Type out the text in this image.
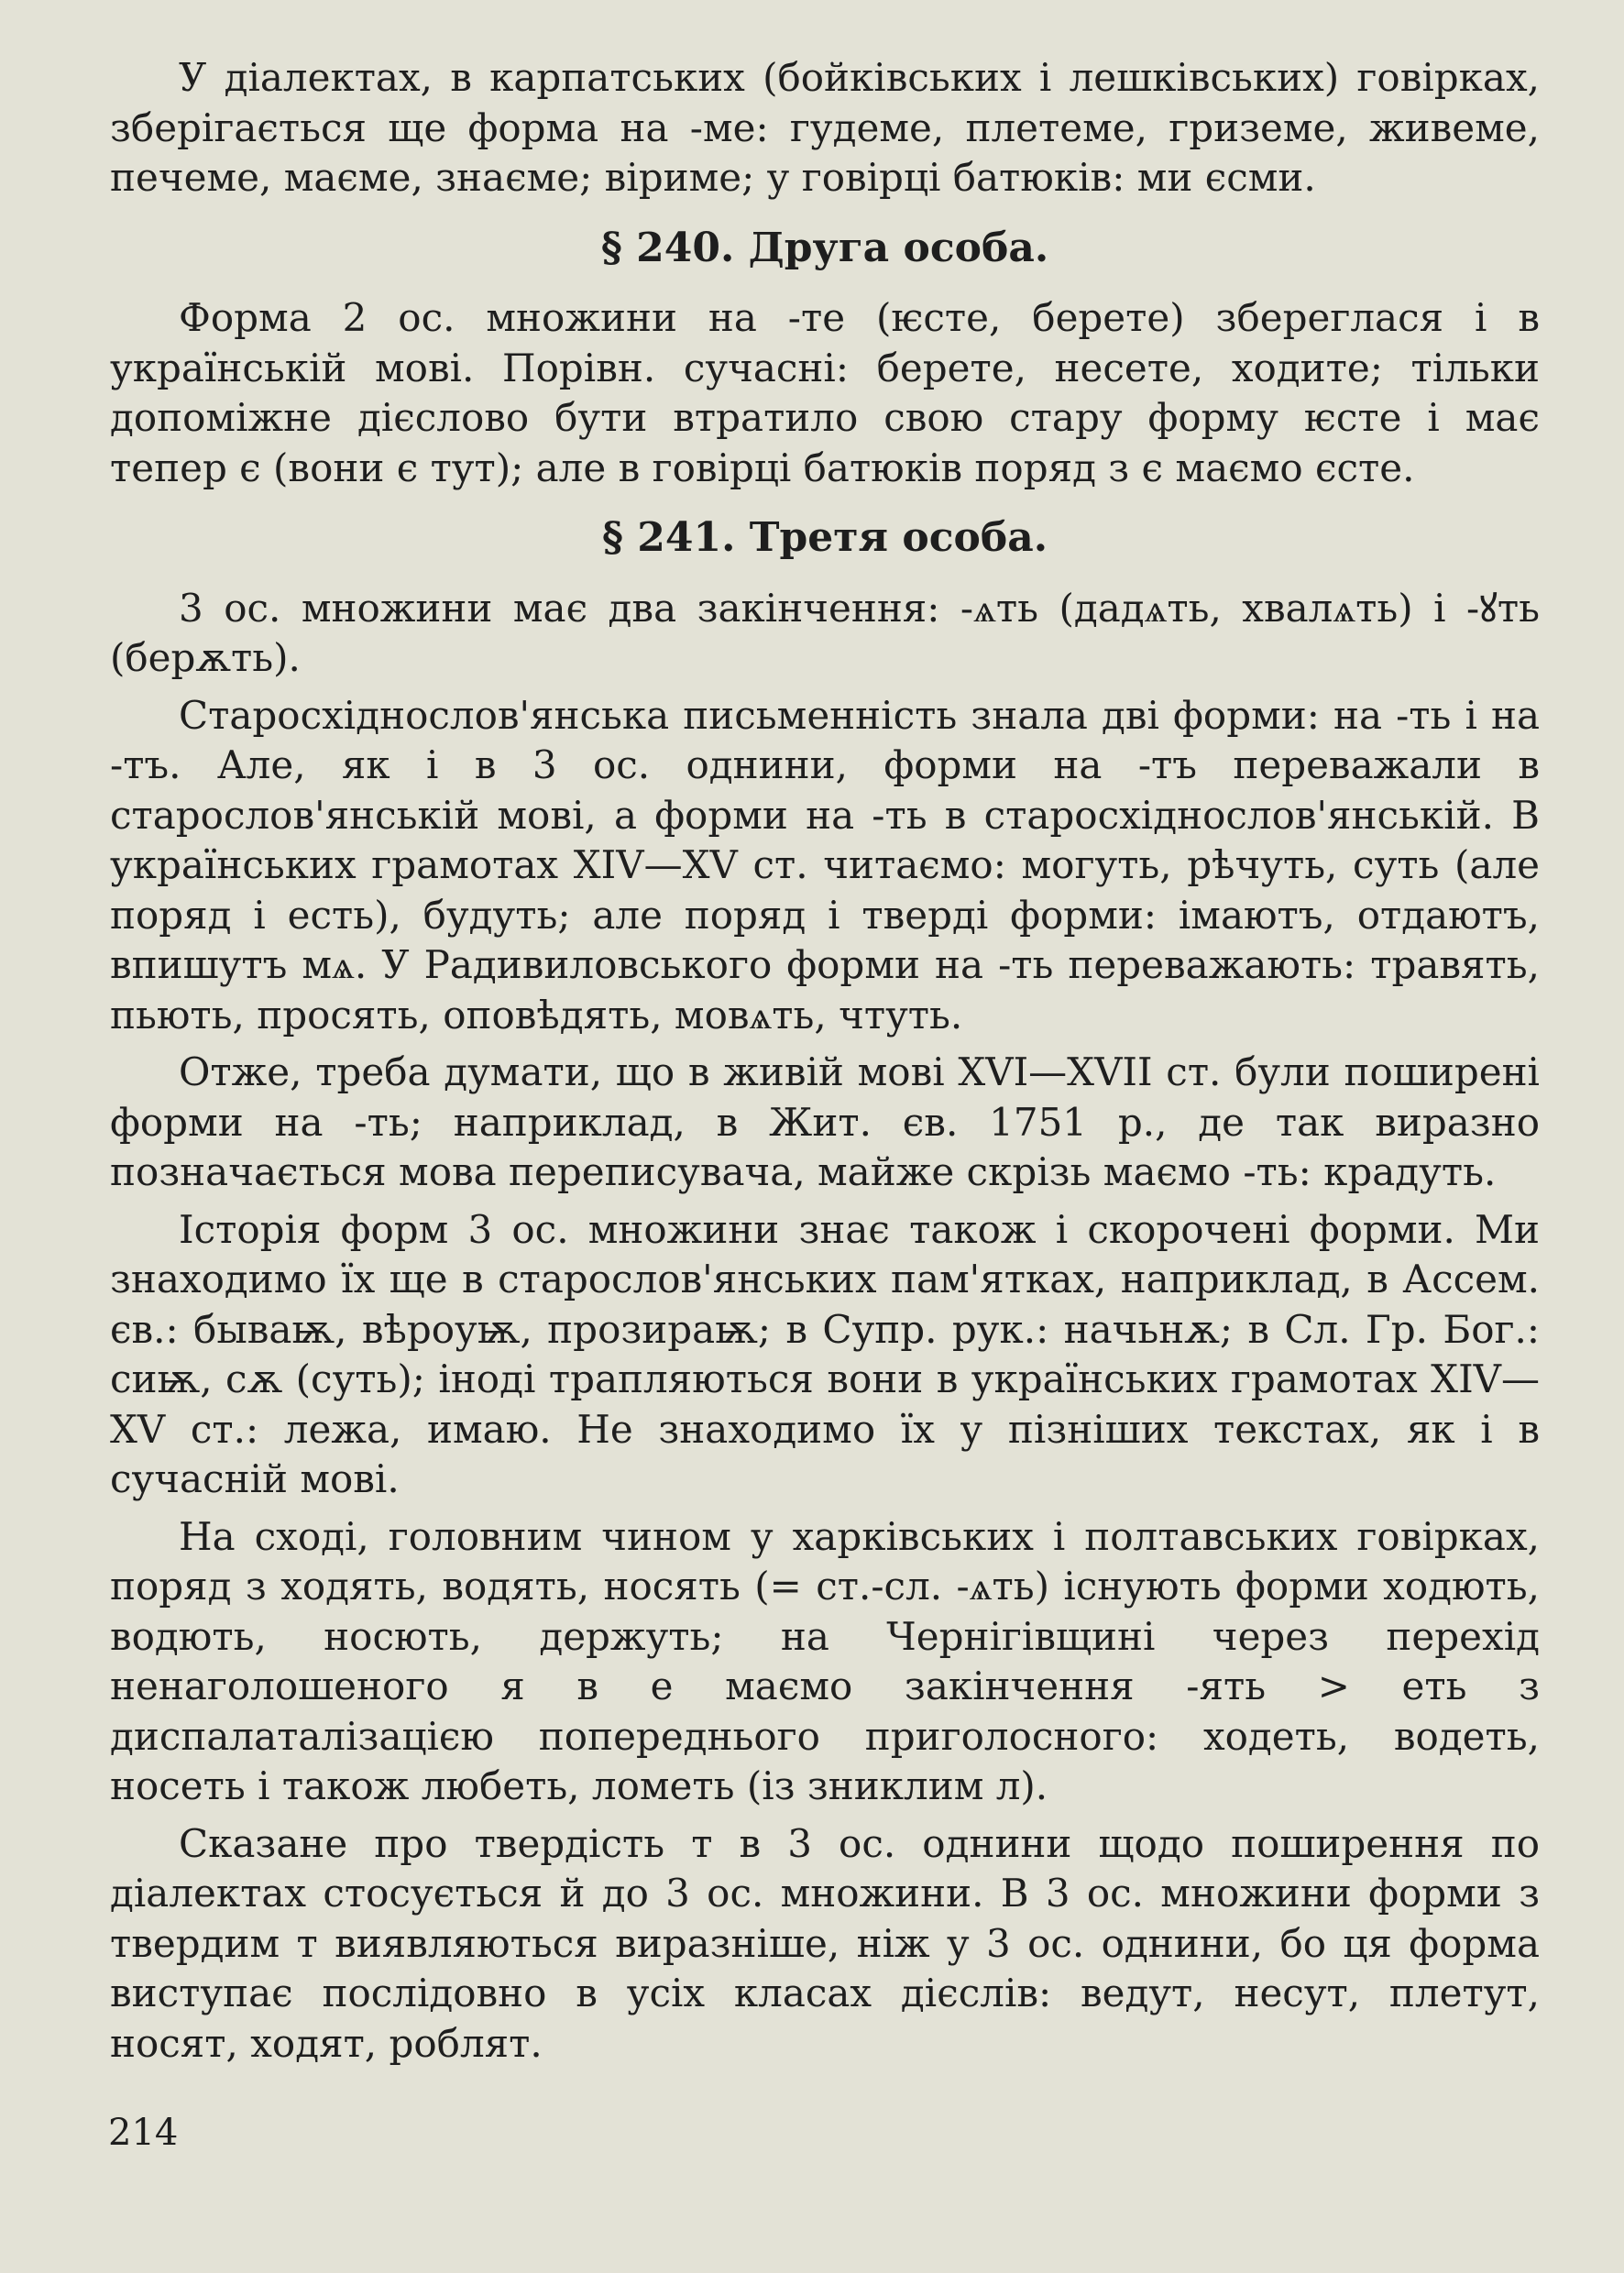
У діалектах, в карпатських (бойківських і лешківських) говірках, зберігається ще форма на -ме: гудеме, плетеме, гриземе, живеме, печеме, маєме, знаєме; віриме; у говірці батюків: ми єсми.

§ 240. Друга особа.

Форма 2 ос. множини на -те (ѥсте, берете) збереглася і в українській мові. Порівн. сучасні: берете, несете, ходите; тільки допоміжне дієслово бути втратило свою стару форму ѥсте і має тепер є (вони є тут); але в говірці батюків поряд з є маємо єсте.

§ 241. Третя особа.

3 ос. множини має два закінчення: -ѧть (дадѧть, хвалѧть) і -ꙋть (берѫть).

Старосхіднослов'янська письменність знала дві форми: на -ть і на -тъ. Але, як і в 3 ос. однини, форми на -тъ переважали в старослов'янській мові, а форми на -ть в старосхіднослов'янській. В українських грамотах XIV—XV ст. читаємо: могуть, рѣчуть, суть (але поряд і есть), будуть; але поряд і тверді форми: імаютъ, отдаютъ, впишутъ мѧ. У Радивиловського форми на -ть переважають: травять, пьють, просять, оповѣдять, мовѧть, чтуть.

Отже, треба думати, що в живій мові XVI—XVII ст. були поширені форми на -ть; наприклад, в Жит. єв. 1751 р., де так виразно позначається мова переписувача, майже скрізь маємо -ть: крадуть.

Історія форм 3 ос. множини знає також і скорочені форми. Ми знаходимо їх ще в старослов'янських пам'ятках, наприклад, в Ассем. єв.: бываѭ, вѣроуѭ, прозираѭ; в Супр. рук.: начьнѫ; в Сл. Гр. Бог.: сиѭ, сѫ (суть); іноді трапляються вони в українських грамотах XIV—XV ст.: лежа, имаю. Не знаходимо їх у пізніших текстах, як і в сучасній мові.

На сході, головним чином у харківських і полтавських говірках, поряд з ходять, водять, носять (= ст.-сл. -ѧть) існують форми ходють, водють, носють, держуть; на Чернігівщині через перехід ненаголошеного я в е маємо закінчення -ять > еть з диспалаталізацією попереднього приголосного: ходеть, водеть, носеть і також любеть, лометь (із зниклим л).

Сказане про твердість т в 3 ос. однини щодо поширення по діалектах стосується й до 3 ос. множини. В 3 ос. множини форми з твердим т виявляються виразніше, ніж у 3 ос. однини, бо ця форма виступає послідовно в усіх класах дієслів: ведут, несут, плетут, носят, ходят, роблят.

214
